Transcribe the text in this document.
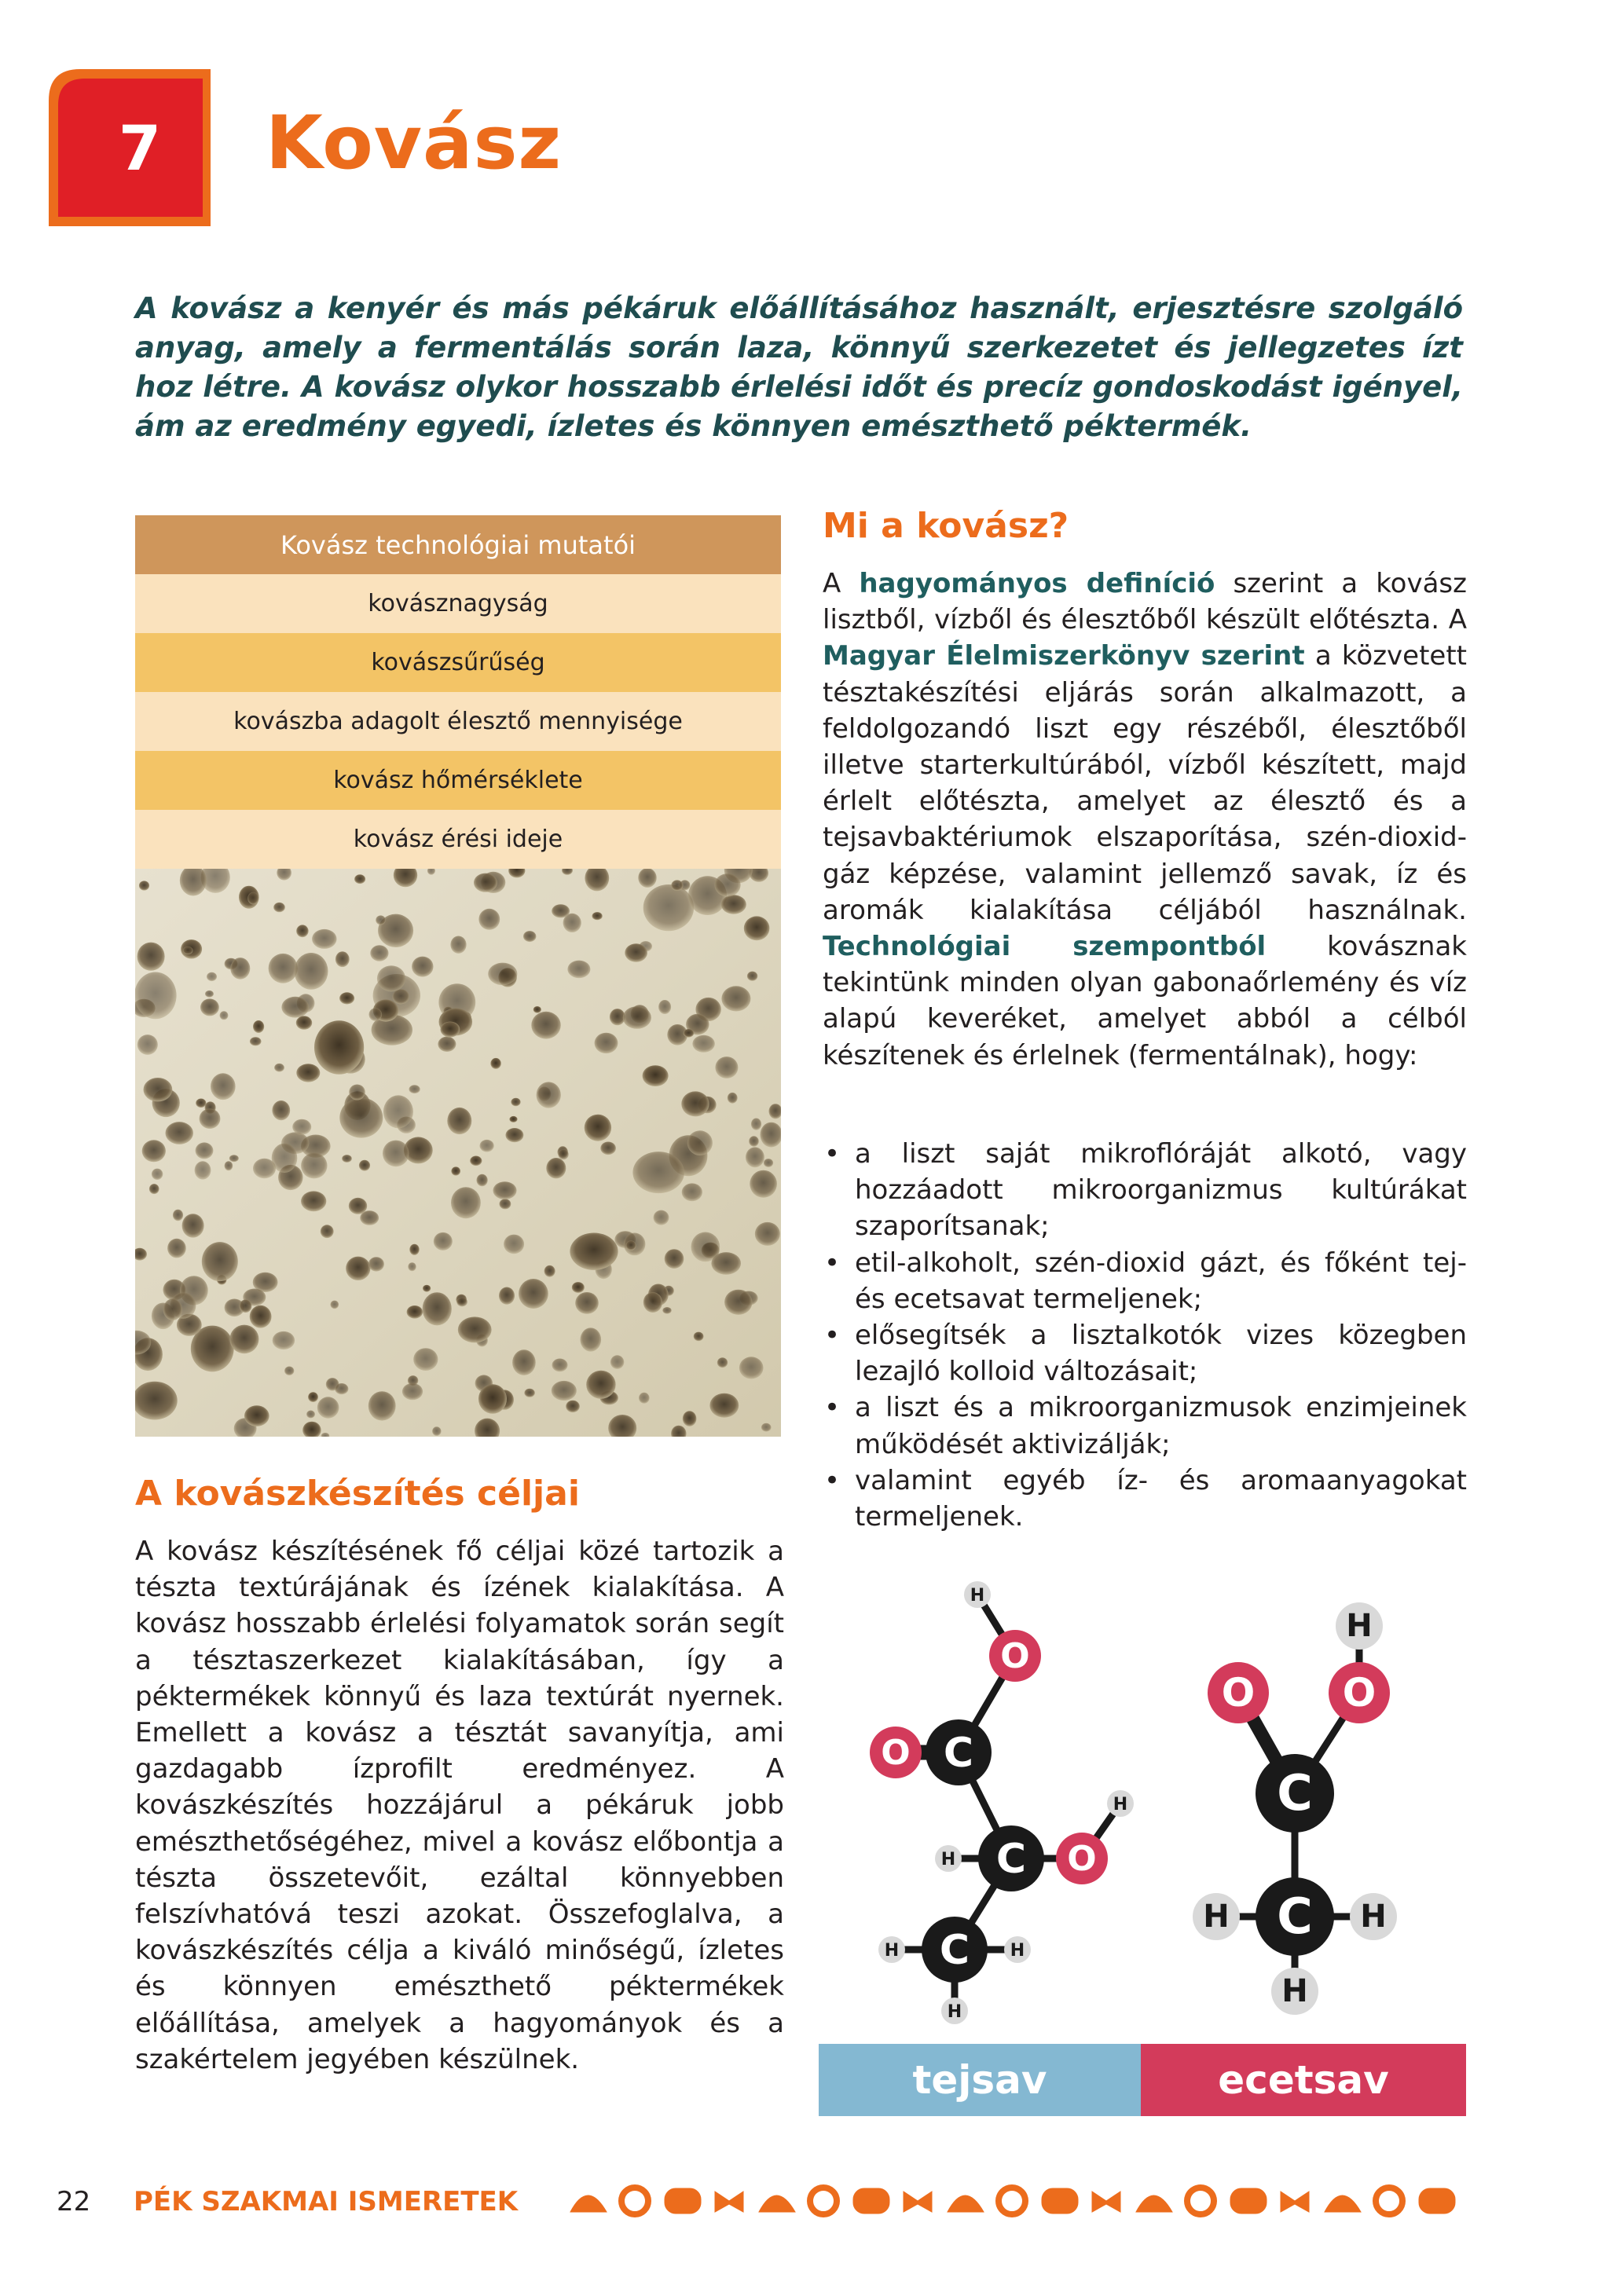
7	Kovász

A kovász a kenyér és más pékáruk előállításához használt, erjesztésre szolgáló anyag, amely a fermentálás során laza, könnyű szerkezetet és jellegzetes ízt hoz létre. A kovász olykor hosszabb érlelési időt és precíz gondoskodást igényel, ám az eredmény egyedi, ízletes és könnyen emészthető péktermék.

Kovász technológiai mutatói
kovásznagyság
kovászsűrűség
kovászba adagolt élesztő mennyisége
kovász hőmérséklete
kovász érési ideje
A kovászkészítés céljai

A kovász készítésének fő céljai közé tartozik a tészta textúrájának és ízének kialakítása. A kovász hosszabb érlelési folyamatok során segít a tésztaszerkezet kialakításában, így a péktermékek könnyű és laza textúrát nyernek. Emellett a kovász a tésztát savanyítja, ami gazdagabb ízprofilt eredményez. A kovászkészítés hozzájárul a pékáruk jobb emészthetőségéhez, mivel a kovász előbontja a tészta összetevőit, ezáltal könnyebben felszívhatóvá teszi azokat. Összefoglalva, a kovászkészítés célja a kiváló minőségű, ízletes és könnyen emészthető péktermékek előállítása, amelyek a hagyományok és a szakértelem jegyében készülnek.

Mi a kovász?

A hagyományos definíció szerint a kovász lisztből, vízből és élesztőből készült előtészta. A Magyar Élelmiszerkönyv szerint a közvetett tésztakészítési eljárás során alkalmazott, a feldolgozandó liszt egy részéből, élesztőből illetve starterkultúrából, vízből készített, majd érlelt előtészta, amelyet az élesztő és a tejsavbaktériumok elszaporítása, szén-dioxid-gáz képzése, valamint jellemző savak, íz és aromák kialakítása céljából használnak. Technológiai szempontból kovásznak tekintünk minden olyan gabonaőrlemény és víz alapú keveréket, amelyet abból a célból készítenek és érlelnek (fermentálnak), hogy:

• a liszt saját mikroflóráját alkotó, vagy hozzáadott mikroorganizmus kultúrákat szaporítsanak;
• etil-alkoholt, szén-dioxid gázt, és főként tej- és ecetsavat termeljenek;
• elősegítsék a lisztalkotók vizes közegben lezajló kolloid változásait;
• a liszt és a mikroorganizmusok enzimjeinek működését aktivizálják;
• valamint egyéb íz- és aromaanyagokat termeljenek.
H
O
O C
H C O
H
H C H
H
H
O O
C
H C H
H
tejsav	ecetsav
22 PÉK SZAKMAI ISMERETEK
